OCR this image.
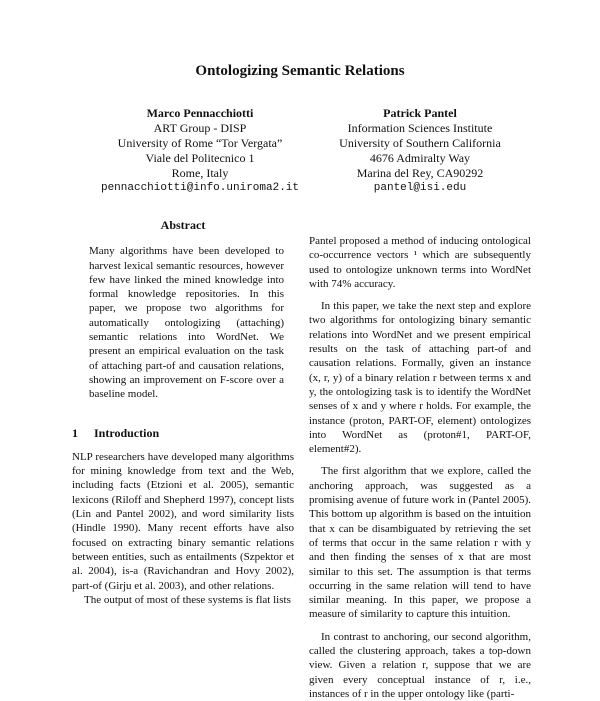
Ontologizing Semantic Relations
Marco Pennacchiotti
ART Group - DISP
University of Rome “Tor Vergata”
Viale del Politecnico 1
Rome, Italy
pennacchiotti@info.uniroma2.it
Patrick Pantel
Information Sciences Institute
University of Southern California
4676 Admiralty Way
Marina del Rey, CA90292
pantel@isi.edu
Abstract

Many algorithms have been developed to harvest lexical semantic resources, however few have linked the mined knowledge into formal knowledge repositories. In this paper, we propose two algorithms for automatically ontologizing (attaching) semantic relations into WordNet. We present an empirical evaluation on the task of attaching part-of and causation relations, showing an improvement on F-score over a baseline model.

1 Introduction

NLP researchers have developed many algorithms for mining knowledge from text and the Web, including facts (Etzioni et al. 2005), semantic lexicons (Riloff and Shepherd 1997), concept lists (Lin and Pantel 2002), and word similarity lists (Hindle 1990). Many recent efforts have also focused on extracting binary semantic relations between entities, such as entailments (Szpektor et al. 2004), is-a (Ravichandran and Hovy 2002), part-of (Girju et al. 2003), and other relations.

The output of most of these systems is flat lists

Pantel proposed a method of inducing ontological co-occurrence vectors ¹ which are subsequently used to ontologize unknown terms into WordNet with 74% accuracy.

In this paper, we take the next step and explore two algorithms for ontologizing binary semantic relations into WordNet and we present empirical results on the task of attaching part-of and causation relations. Formally, given an instance (x, r, y) of a binary relation r between terms x and y, the ontologizing task is to identify the WordNet senses of x and y where r holds. For example, the instance (proton, PART-OF, element) ontologizes into WordNet as (proton#1, PART-OF, element#2).

The first algorithm that we explore, called the anchoring approach, was suggested as a promising avenue of future work in (Pantel 2005). This bottom up algorithm is based on the intuition that x can be disambiguated by retrieving the set of terms that occur in the same relation r with y and then finding the senses of x that are most similar to this set. The assumption is that terms occurring in the same relation will tend to have similar meaning. In this paper, we propose a measure of similarity to capture this intuition.

In contrast to anchoring, our second algorithm, called the clustering approach, takes a top-down view. Given a relation r, suppose that we are given every conceptual instance of r, i.e., instances of r in the upper ontology like (parti-
